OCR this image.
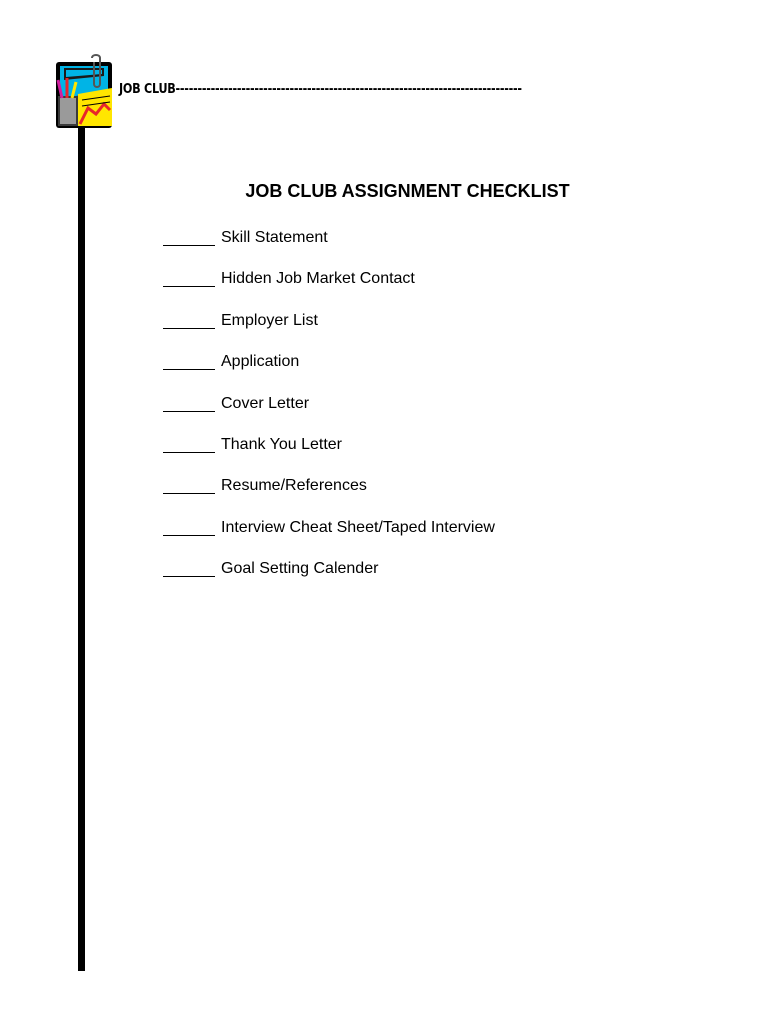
JOB CLUB-------------------------------------------------------------------------------
JOB CLUB ASSIGNMENT CHECKLIST
Skill Statement
Hidden Job Market Contact
Employer List
Application
Cover Letter
Thank You Letter
Resume/References
Interview Cheat Sheet/Taped Interview
Goal Setting Calender
